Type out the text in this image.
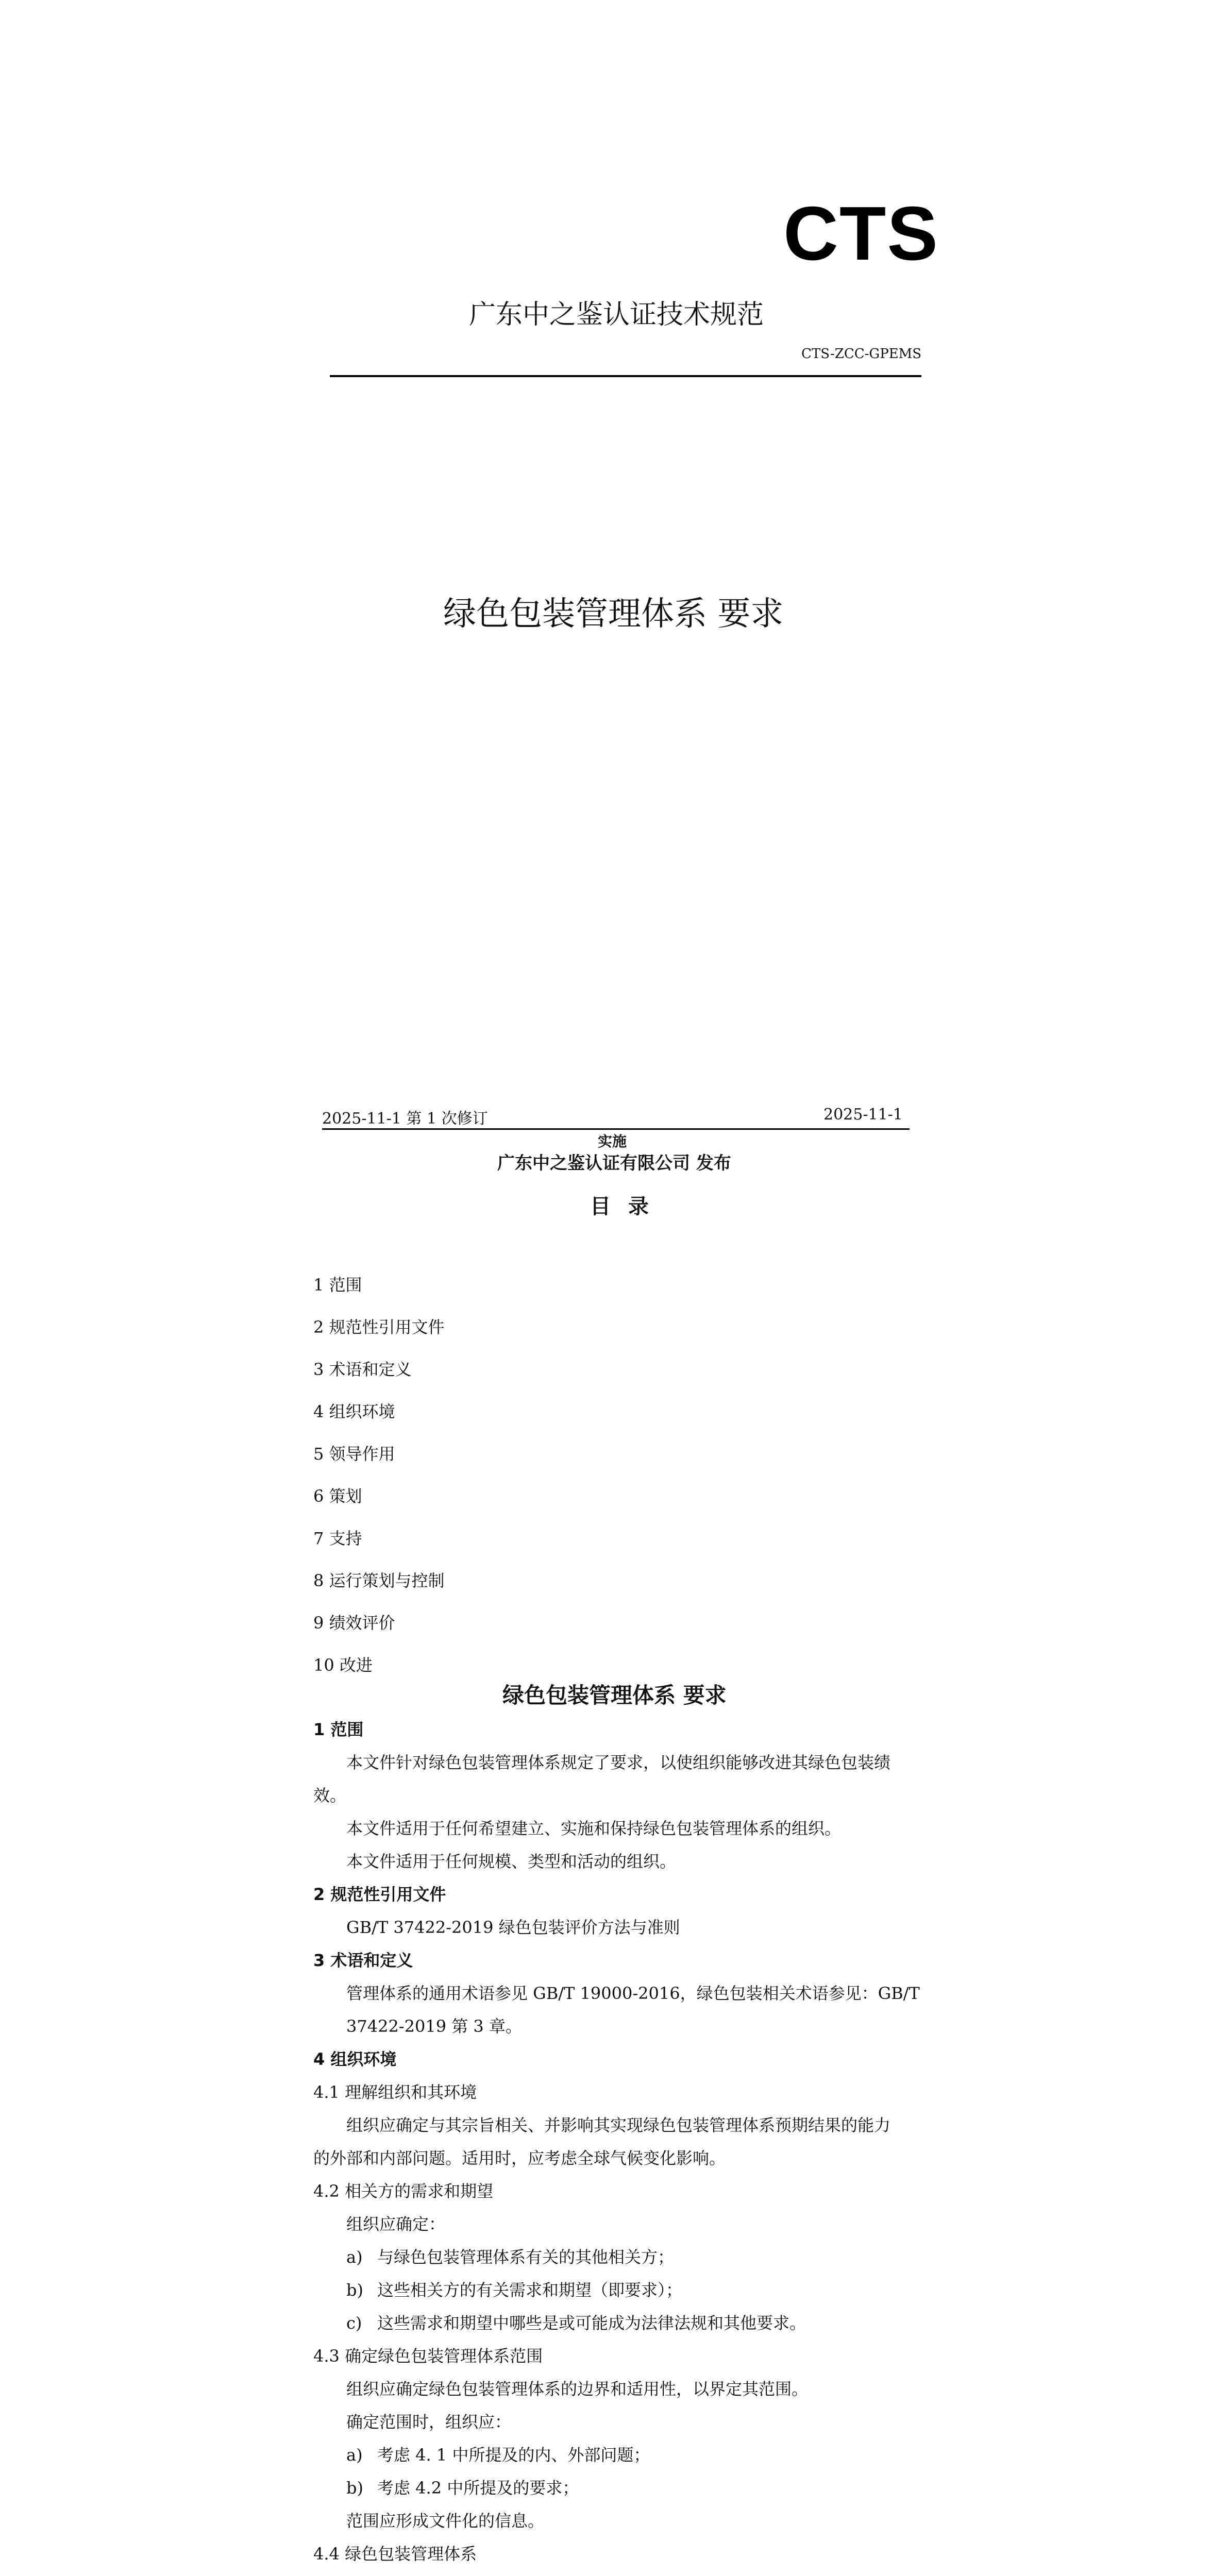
CTS
广东中之鉴认证技术规范
CTS-ZCC-GPEMS
绿色包装管理体系 要求
2025-11-1 第 1 次修订	2025-11-1
实施
广东中之鉴认证有限公司 发布
目 录
1 范围
2 规范性引用文件
3 术语和定义
4 组织环境
5 领导作用
6 策划
7 支持
8 运行策划与控制
9 绩效评价
10 改进
绿色包装管理体系 要求
1 范围
本文件针对绿色包装管理体系规定了要求，以使组织能够改进其绿色包装绩
效。
本文件适用于任何希望建立、实施和保持绿色包装管理体系的组织。
本文件适用于任何规模、类型和活动的组织。
2 规范性引用文件
GB/T 37422-2019 绿色包装评价方法与准则
3 术语和定义
管理体系的通用术语参见 GB/T 19000-2016，绿色包装相关术语参见：GB/T
37422-2019 第 3 章。
4 组织环境
4.1 理解组织和其环境
组织应确定与其宗旨相关、并影响其实现绿色包装管理体系预期结果的能力
的外部和内部问题。适用时，应考虑全球气候变化影响。
4.2 相关方的需求和期望
组织应确定：
a) 与绿色包装管理体系有关的其他相关方；
b) 这些相关方的有关需求和期望（即要求）；
c) 这些需求和期望中哪些是或可能成为法律法规和其他要求。
4.3 确定绿色包装管理体系范围
组织应确定绿色包装管理体系的边界和适用性，以界定其范围。
确定范围时，组织应：
a) 考虑 4. 1 中所提及的内、外部问题；
b) 考虑 4.2 中所提及的要求；
范围应形成文件化的信息。
4.4 绿色包装管理体系
